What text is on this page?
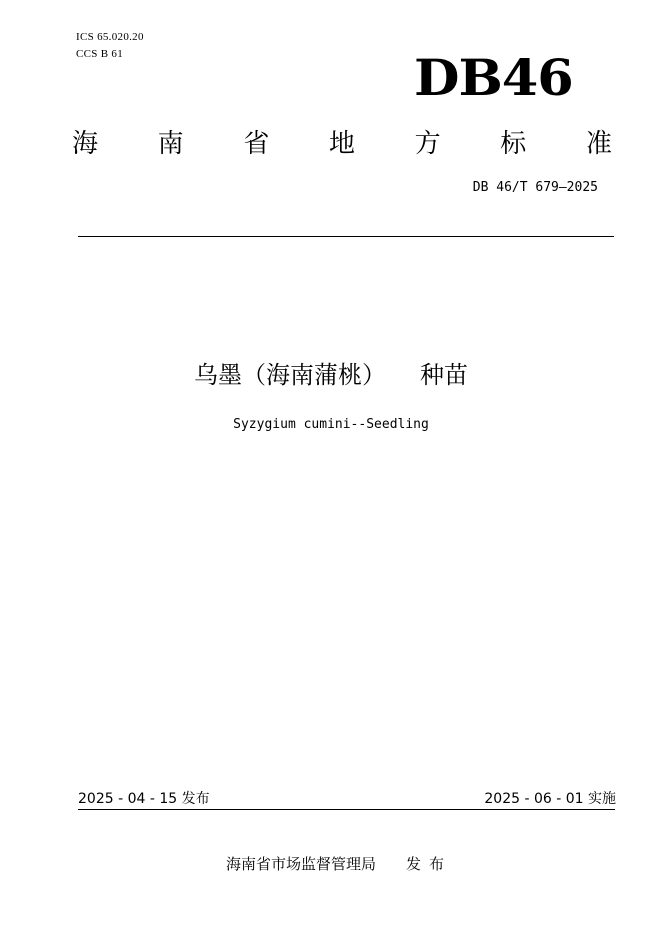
ICS 65.020.20
CCS B 61	DB46
海 南 省 地 方 标 准
DB 46/T 679—2025
乌墨（海南蒲桃） 种苗
Syzygium cumini--Seedling
2025 - 04 - 15 发布	2025 - 06 - 01 实施
海南省市场监督管理局 发布
